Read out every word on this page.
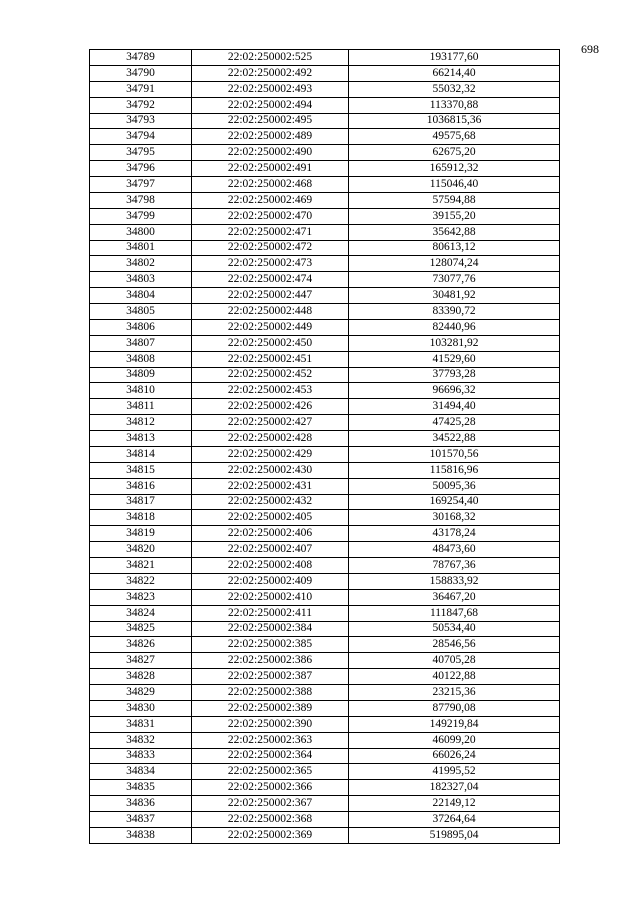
698
34789	22:02:250002:525	193177,60
34790	22:02:250002:492	66214,40
34791	22:02:250002:493	55032,32
34792	22:02:250002:494	113370,88
34793	22:02:250002:495	1036815,36
34794	22:02:250002:489	49575,68
34795	22:02:250002:490	62675,20
34796	22:02:250002:491	165912,32
34797	22:02:250002:468	115046,40
34798	22:02:250002:469	57594,88
34799	22:02:250002:470	39155,20
34800	22:02:250002:471	35642,88
34801	22:02:250002:472	80613,12
34802	22:02:250002:473	128074,24
34803	22:02:250002:474	73077,76
34804	22:02:250002:447	30481,92
34805	22:02:250002:448	83390,72
34806	22:02:250002:449	82440,96
34807	22:02:250002:450	103281,92
34808	22:02:250002:451	41529,60
34809	22:02:250002:452	37793,28
34810	22:02:250002:453	96696,32
34811	22:02:250002:426	31494,40
34812	22:02:250002:427	47425,28
34813	22:02:250002:428	34522,88
34814	22:02:250002:429	101570,56
34815	22:02:250002:430	115816,96
34816	22:02:250002:431	50095,36
34817	22:02:250002:432	169254,40
34818	22:02:250002:405	30168,32
34819	22:02:250002:406	43178,24
34820	22:02:250002:407	48473,60
34821	22:02:250002:408	78767,36
34822	22:02:250002:409	158833,92
34823	22:02:250002:410	36467,20
34824	22:02:250002:411	111847,68
34825	22:02:250002:384	50534,40
34826	22:02:250002:385	28546,56
34827	22:02:250002:386	40705,28
34828	22:02:250002:387	40122,88
34829	22:02:250002:388	23215,36
34830	22:02:250002:389	87790,08
34831	22:02:250002:390	149219,84
34832	22:02:250002:363	46099,20
34833	22:02:250002:364	66026,24
34834	22:02:250002:365	41995,52
34835	22:02:250002:366	182327,04
34836	22:02:250002:367	22149,12
34837	22:02:250002:368	37264,64
34838	22:02:250002:369	519895,04
